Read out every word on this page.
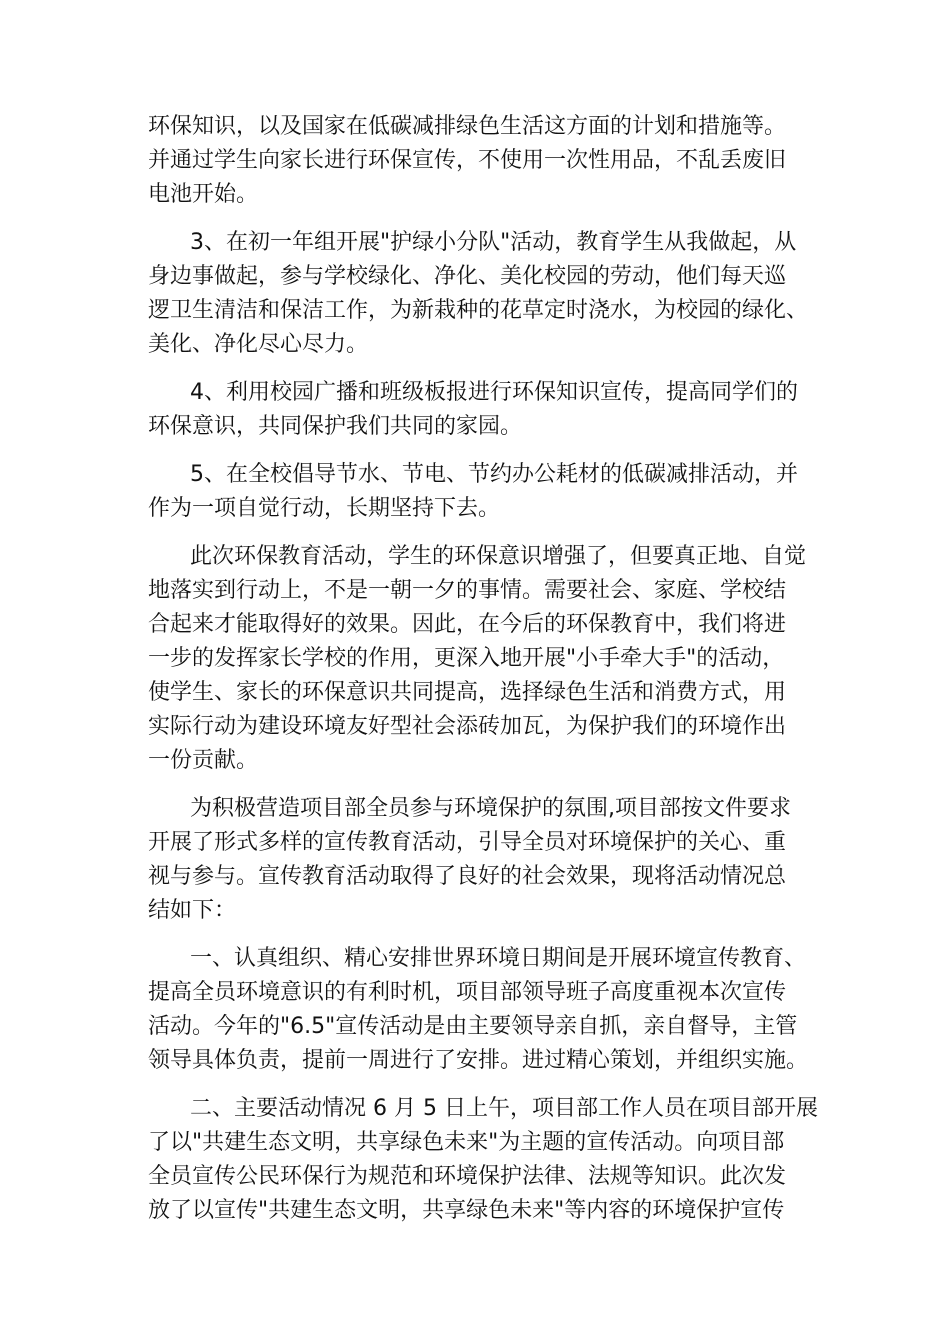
环保知识，以及国家在低碳减排绿色生活这方面的计划和措施等。
并通过学生向家长进行环保宣传，不使用一次性用品，不乱丢废旧
电池开始。
3、在初一年组开展"护绿小分队"活动，教育学生从我做起，从
身边事做起，参与学校绿化、净化、美化校园的劳动，他们每天巡
逻卫生清洁和保洁工作，为新栽种的花草定时浇水，为校园的绿化、
美化、净化尽心尽力。
4、利用校园广播和班级板报进行环保知识宣传，提高同学们的
环保意识，共同保护我们共同的家园。
5、在全校倡导节水、节电、节约办公耗材的低碳减排活动，并
作为一项自觉行动，长期坚持下去。
此次环保教育活动，学生的环保意识增强了，但要真正地、自觉
地落实到行动上，不是一朝一夕的事情。需要社会、家庭、学校结
合起来才能取得好的效果。因此，在今后的环保教育中，我们将进
一步的发挥家长学校的作用，更深入地开展"小手牵大手"的活动，
使学生、家长的环保意识共同提高，选择绿色生活和消费方式，用
实际行动为建设环境友好型社会添砖加瓦，为保护我们的环境作出
一份贡献。
为积极营造项目部全员参与环境保护的氛围,项目部按文件要求
开展了形式多样的宣传教育活动，引导全员对环境保护的关心、重
视与参与。宣传教育活动取得了良好的社会效果，现将活动情况总
结如下：
一、认真组织、精心安排世界环境日期间是开展环境宣传教育、
提高全员环境意识的有利时机，项目部领导班子高度重视本次宣传
活动。今年的"6.5"宣传活动是由主要领导亲自抓，亲自督导，主管
领导具体负责，提前一周进行了安排。进过精心策划，并组织实施。
二、主要活动情况 6 月 5 日上午，项目部工作人员在项目部开展
了以"共建生态文明，共享绿色未来"为主题的宣传活动。向项目部
全员宣传公民环保行为规范和环境保护法律、法规等知识。此次发
放了以宣传"共建生态文明，共享绿色未来"等内容的环境保护宣传
